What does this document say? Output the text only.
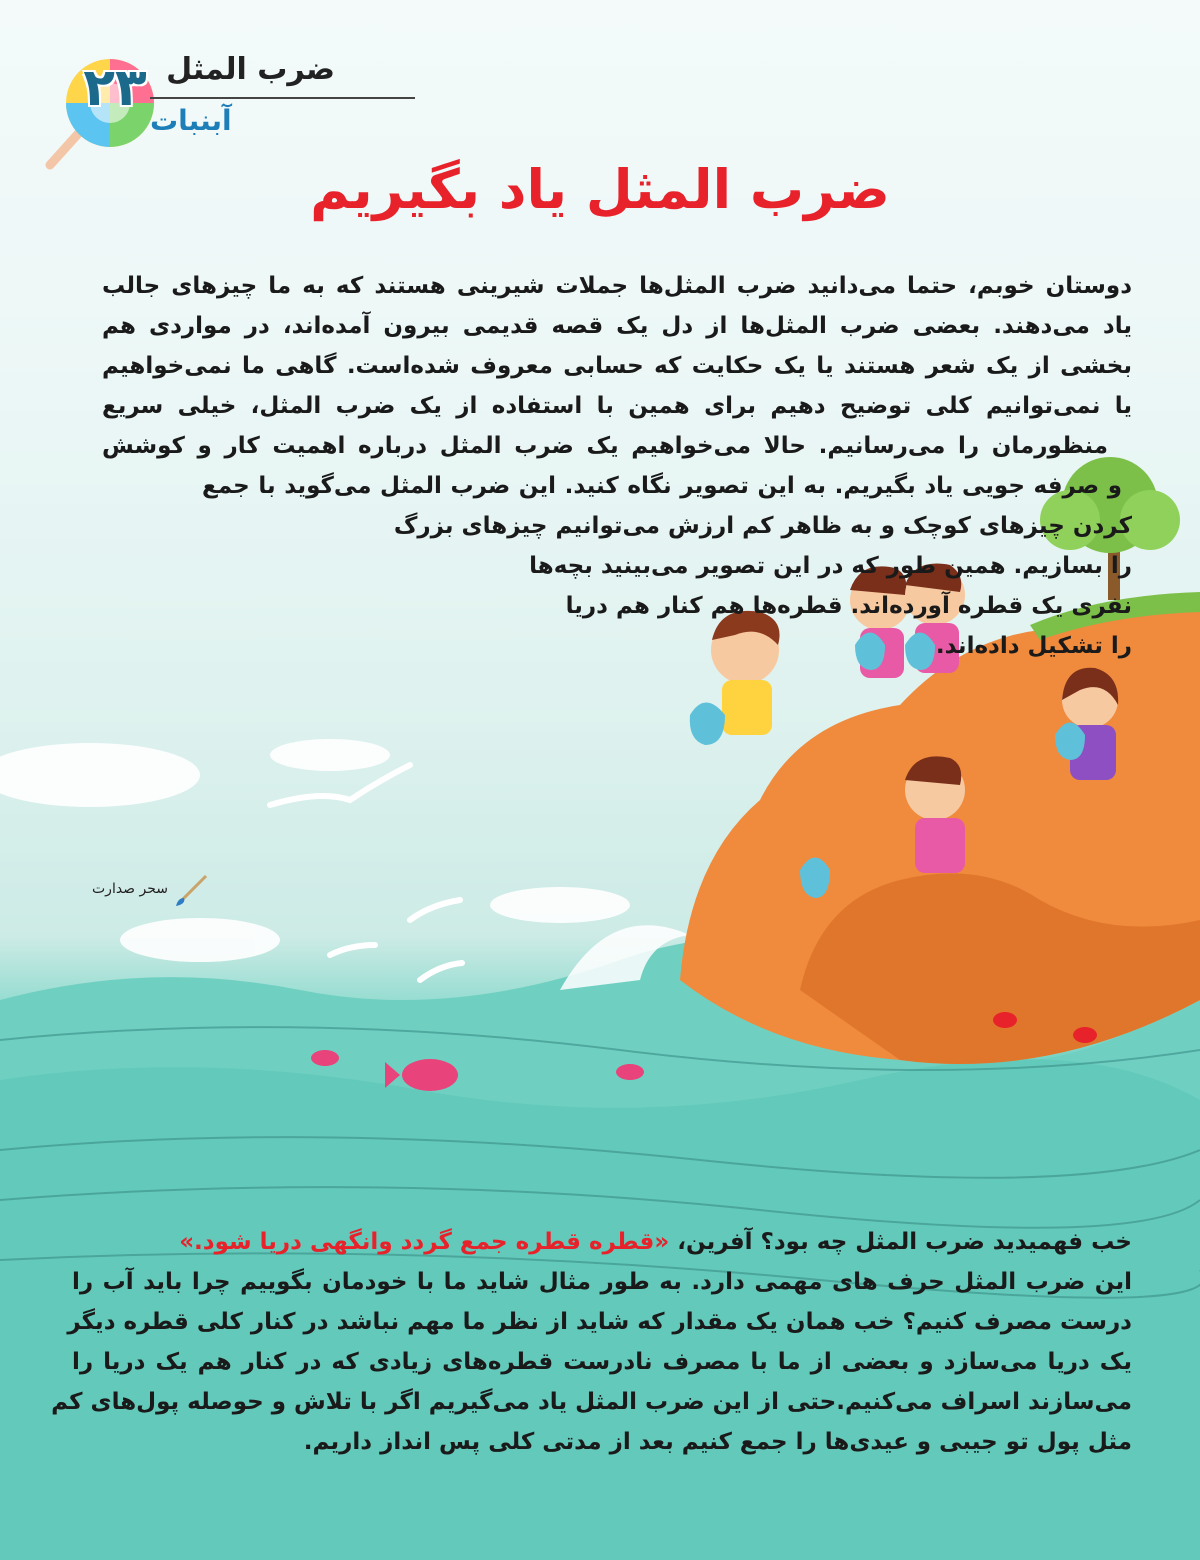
۲۳ ضرب المثل
آبنبات
ضرب المثل یاد بگیریم
سحر صدارت
دوستان خوبم، حتما می‌دانید ضرب المثل‌ها جملات شیرینی هستند که به ما چیزهای جالب
یاد می‌دهند. بعضی ضرب المثل‌ها از دل یک قصه قدیمی بیرون آمده‌اند، در مواردی هم
بخشی از یک شعر هستند یا یک حکایت که حسابی معروف شده‌است. گاهی ما نمی‌خواهیم
یا نمی‌توانیم کلی توضیح دهیم برای همین با استفاده از یک ضرب المثل، خیلی سریع
منظورمان را می‌رسانیم. حالا می‌خواهیم یک ضرب المثل درباره اهمیت کار و کوشش
و صرفه جویی یاد بگیریم. به این تصویر نگاه کنید. این ضرب المثل می‌گوید با جمع
کردن چیزهای کوچک و به ظاهر کم ارزش می‌توانیم چیزهای بزرگ
را بسازیم. همین طور که در این تصویر می‌بینید بچه‌ها
نفری یک قطره آورده‌اند. قطره‌ها هم کنار هم دریا
را تشکیل داده‌اند.
خب فهمیدید ضرب المثل چه بود؟ آفرین، «قطره قطره جمع گردد وانگهی دریا شود.»
این ضرب المثل حرف های مهمی دارد. به طور مثال شاید ما با خودمان بگوییم چرا باید آب را
درست مصرف کنیم؟ خب همان یک مقدار که شاید از نظر ما مهم نباشد در کنار کلی قطره دیگر
یک دریا می‌سازد و بعضی از ما با مصرف نادرست قطره‌های زیادی که در کنار هم یک دریا را
می‌سازند اسراف می‌کنیم.حتی از این ضرب المثل یاد می‌گیریم اگر با تلاش و حوصله پول‌های کم
مثل پول تو جیبی و عیدی‌ها را جمع کنیم بعد از مدتی کلی پس انداز داریم.
